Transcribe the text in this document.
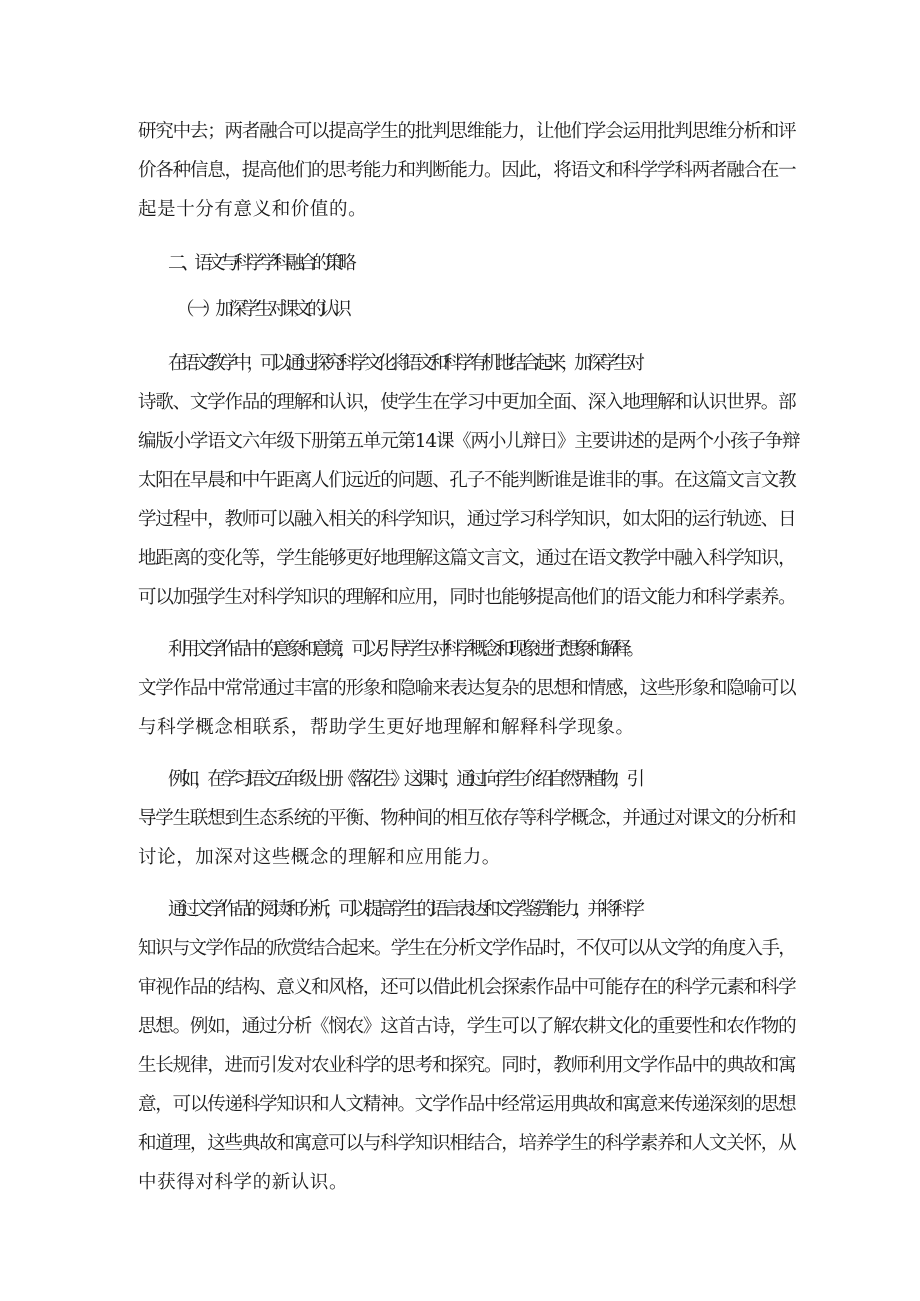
研究中去；两者融合可以提高学生的批判思维能力，让他们学会运用批判思维分析和评
价各种信息，提高他们的思考能力和判断能力。因此，将语文和科学学科两者融合在一
起是十分有意义和价值的。
二、语文与科学学科融合的策略
（一）加深学生对课文的认识
在语文教学中，可以通过探究科学文化将语文和科学有机地结合起来，加深学生对
诗歌、文学作品的理解和认识，使学生在学习中更加全面、深入地理解和认识世界。部
编版小学语文六年级下册第五单元第14课《两小儿辩日》主要讲述的是两个小孩子争辩
太阳在早晨和中午距离人们远近的问题、孔子不能判断谁是谁非的事。在这篇文言文教
学过程中，教师可以融入相关的科学知识，通过学习科学知识，如太阳的运行轨迹、日
地距离的变化等，学生能够更好地理解这篇文言文，通过在语文教学中融入科学知识，
可以加强学生对科学知识的理解和应用，同时也能够提高他们的语文能力和科学素养。
利用文学作品中的意象和意境，可以引导学生对科学概念和现象进行想象和解释。
文学作品中常常通过丰富的形象和隐喻来表达复杂的思想和情感，这些形象和隐喻可以
与科学概念相联系，帮助学生更好地理解和解释科学现象。
例如，在学习语文五年级上册《落花生》这课时，通过向学生介绍自然界植物，引
导学生联想到生态系统的平衡、物种间的相互依存等科学概念，并通过对课文的分析和
讨论，加深对这些概念的理解和应用能力。
通过文学作品的阅读和分析，可以提高学生的语言表达和文学鉴赏能力，并将科学
知识与文学作品的欣赏结合起来。学生在分析文学作品时，不仅可以从文学的角度入手，
审视作品的结构、意义和风格，还可以借此机会探索作品中可能存在的科学元素和科学
思想。例如，通过分析《悯农》这首古诗，学生可以了解农耕文化的重要性和农作物的
生长规律，进而引发对农业科学的思考和探究。同时，教师利用文学作品中的典故和寓
意，可以传递科学知识和人文精神。文学作品中经常运用典故和寓意来传递深刻的思想
和道理，这些典故和寓意可以与科学知识相结合，培养学生的科学素养和人文关怀，从
中获得对科学的新认识。
